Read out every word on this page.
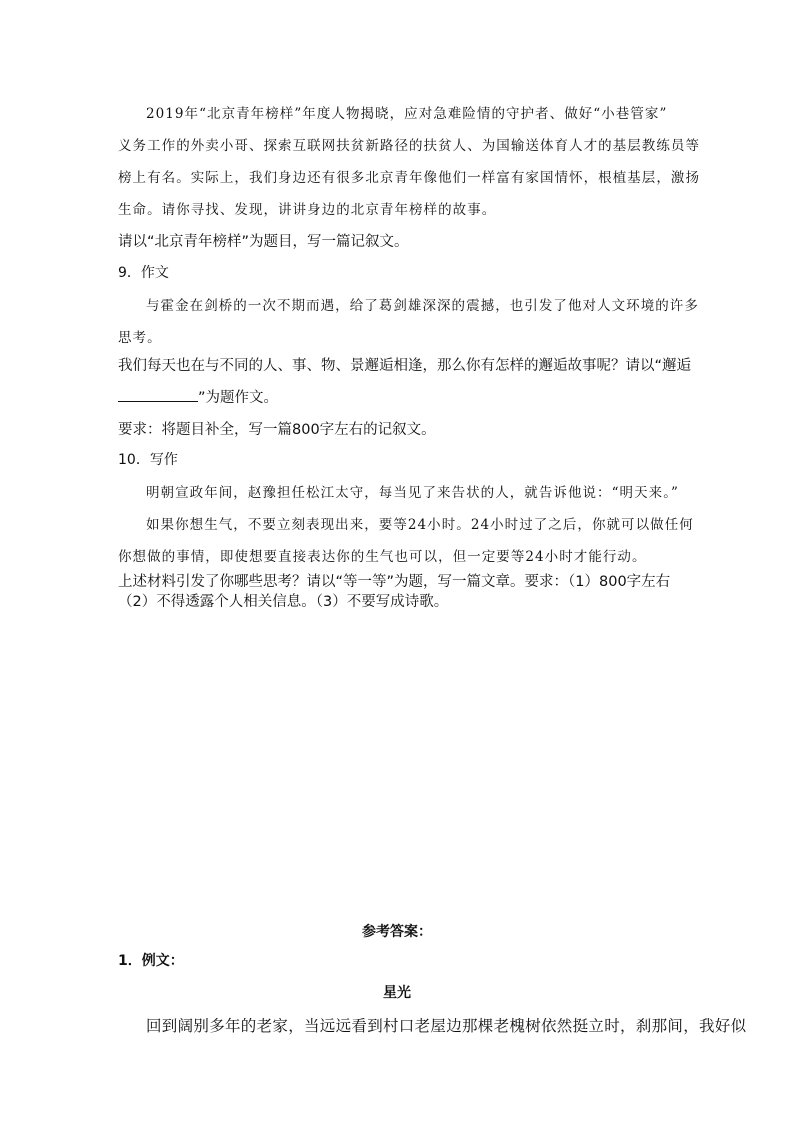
2019年“北京青年榜样”年度人物揭晓，应对急难险情的守护者、做好“小巷管家”
义务工作的外卖小哥、探索互联网扶贫新路径的扶贫人、为国输送体育人才的基层教练员等
榜上有名。实际上，我们身边还有很多北京青年像他们一样富有家国情怀，根植基层，激扬
生命。请你寻找、发现，讲讲身边的北京青年榜样的故事。
请以“北京青年榜样”为题目，写一篇记叙文。
9．作文
与霍金在剑桥的一次不期而遇，给了葛剑雄深深的震撼，也引发了他对人文环境的许多
思考。
我们每天也在与不同的人、事、物、景邂逅相逢，那么你有怎样的邂逅故事呢？请以“邂逅
”为题作文。
要求：将题目补全，写一篇800字左右的记叙文。
10．写作
明朝宣政年间，赵豫担任松江太守，每当见了来告状的人，就告诉他说：“明天来。”
如果你想生气，不要立刻表现出来，要等24小时。24小时过了之后，你就可以做任何
你想做的事情，即使想要直接表达你的生气也可以，但一定要等24小时才能行动。
上述材料引发了你哪些思考？请以“等一等”为题，写一篇文章。要求：（1）800字左右
（2）不得透露个人相关信息。（3）不要写成诗歌。
参考答案：
1．例文：
星光
回到阔别多年的老家，当远远看到村口老屋边那棵老槐树依然挺立时，刹那间，我好似
